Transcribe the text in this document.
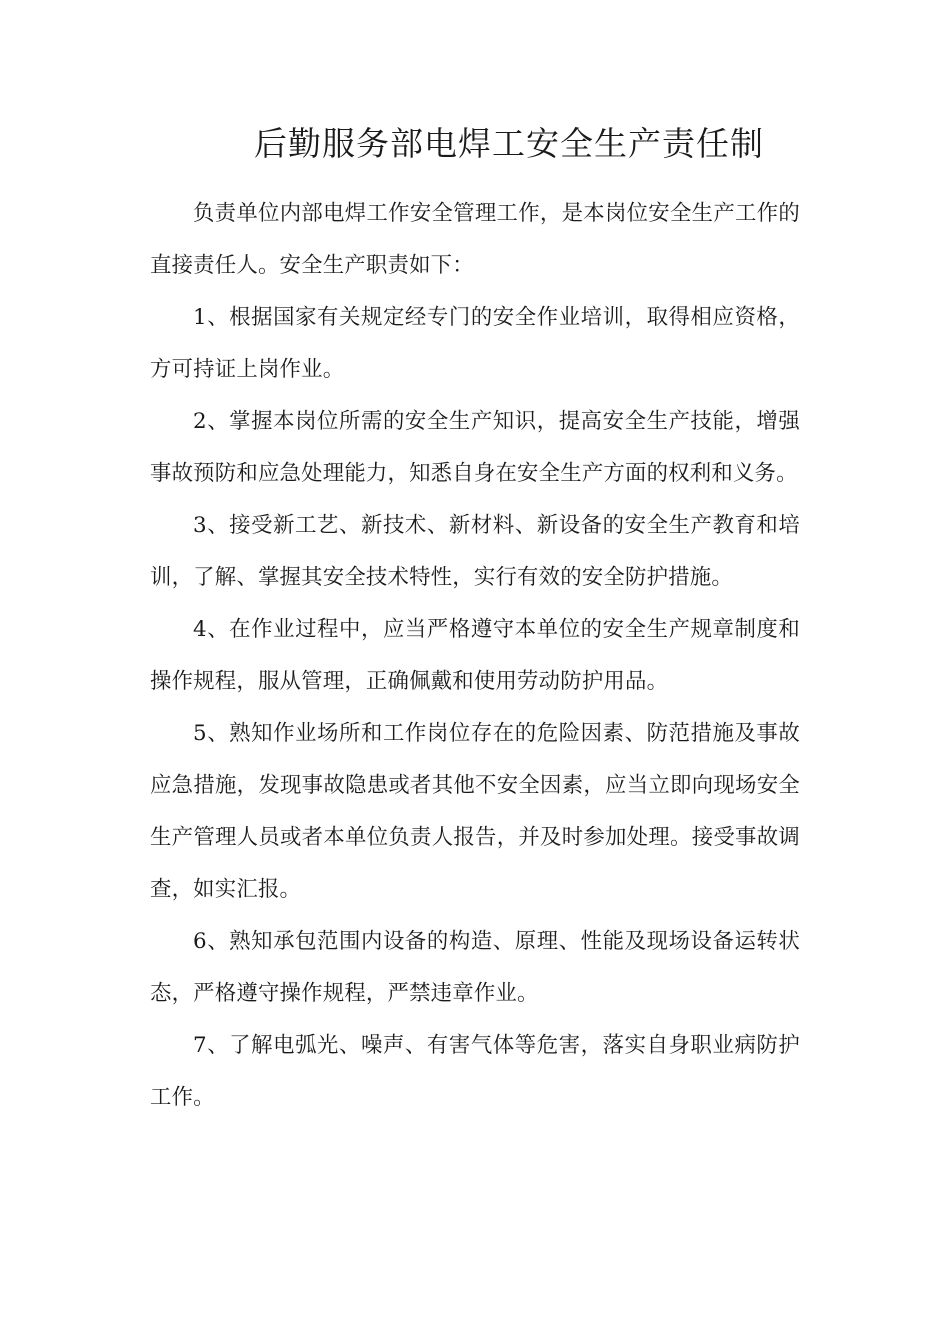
后勤服务部电焊工安全生产责任制

负责单位内部电焊工作安全管理工作，是本岗位安全生产工作的直接责任人。安全生产职责如下：

1、根据国家有关规定经专门的安全作业培训，取得相应资格，方可持证上岗作业。

2、掌握本岗位所需的安全生产知识，提高安全生产技能，增强事故预防和应急处理能力，知悉自身在安全生产方面的权利和义务。

3、接受新工艺、新技术、新材料、新设备的安全生产教育和培训，了解、掌握其安全技术特性，实行有效的安全防护措施。

4、在作业过程中，应当严格遵守本单位的安全生产规章制度和操作规程，服从管理，正确佩戴和使用劳动防护用品。

5、熟知作业场所和工作岗位存在的危险因素、防范措施及事故应急措施，发现事故隐患或者其他不安全因素，应当立即向现场安全生产管理人员或者本单位负责人报告，并及时参加处理。接受事故调查，如实汇报。

6、熟知承包范围内设备的构造、原理、性能及现场设备运转状态，严格遵守操作规程，严禁违章作业。

7、了解电弧光、噪声、有害气体等危害，落实自身职业病防护工作。
